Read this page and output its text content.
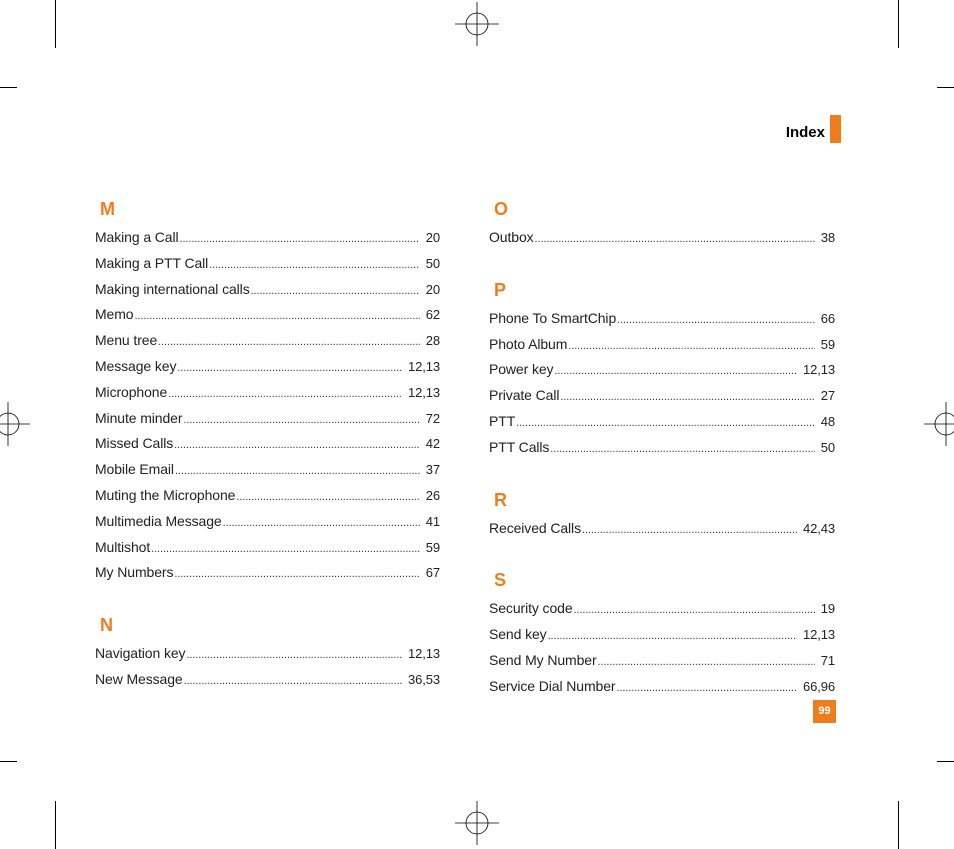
Index
M
Making a Call .....	20
Making a PTT Call .....	50
Making international calls .....	20
Memo .....	62
Menu tree .....	28
Message key .....	12,13
Microphone .....	12,13
Minute minder .....	72
Missed Calls .....	42
Mobile Email .....	37
Muting the Microphone .....	26
Multimedia Message .....	41
Multishot .....	59
My Numbers .....	67
N
Navigation key .....	12,13
New Message .....	36,53
O
Outbox .....	38
P
Phone To SmartChip .....	66
Photo Album .....	59
Power key .....	12,13
Private Call .....	27
PTT .....	48
PTT Calls .....	50
R
Received Calls .....	42,43
S
Security code .....	19
Send key .....	12,13
Send My Number .....	71
Service Dial Number .....	66,96
99
